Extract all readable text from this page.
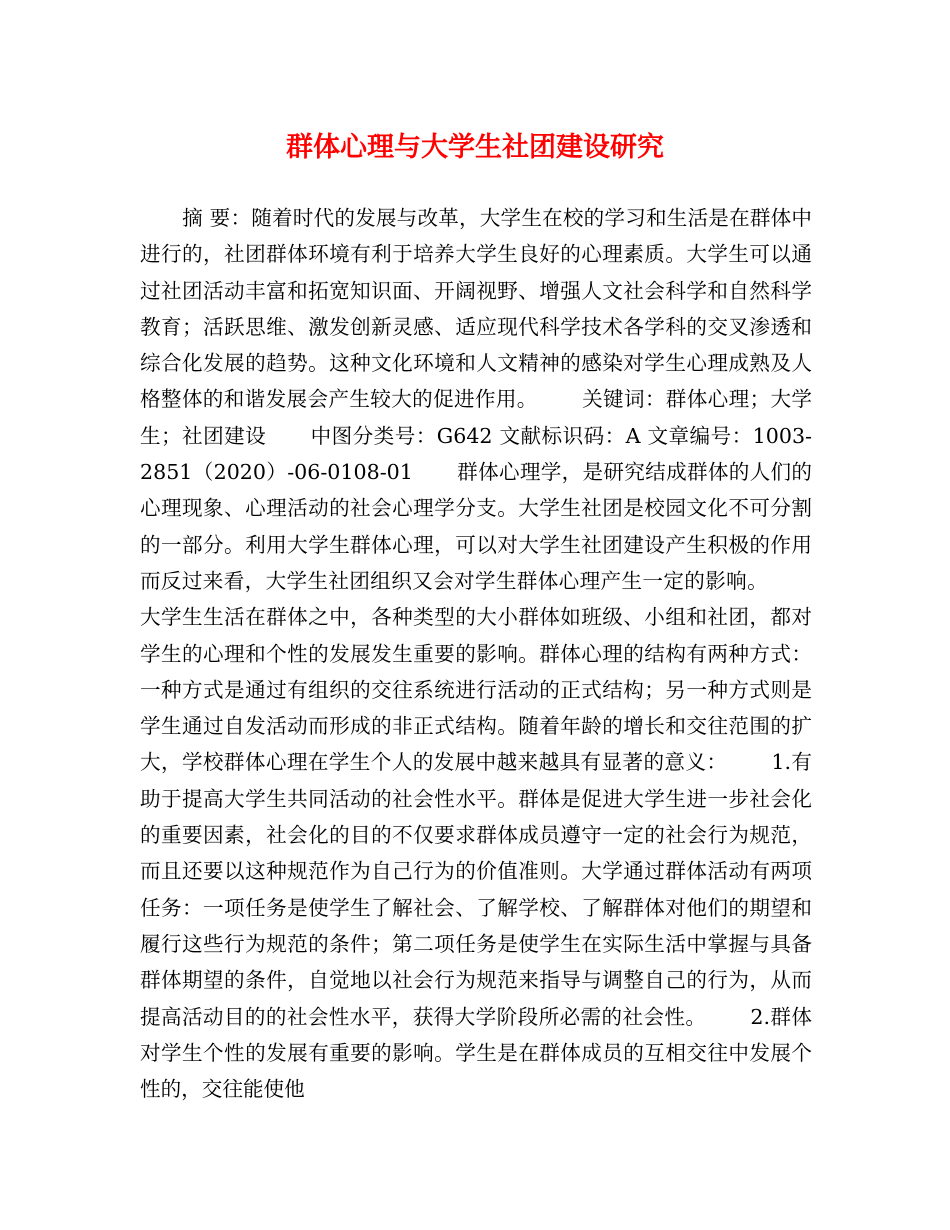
群体心理与大学生社团建设研究

摘 要：随着时代的发展与改革，大学生在校的学习和生活是在群体中进行的，社团群体环境有利于培养大学生良好的心理素质。大学生可以通过社团活动丰富和拓宽知识面、开阔视野、增强人文社会科学和自然科学教育；活跃思维、激发创新灵感、适应现代科学技术各学科的交叉渗透和综合化发展的趋势。这种文化环境和人文精神的感染对学生心理成熟及人格整体的和谐发展会产生较大的促进作用。 关键词：群体心理；大学生；社团建设 中图分类号：G642 文献标识码：A 文章编号：1003-2851（2020）-06-0108-01 群体心理学，是研究结成群体的人们的心理现象、心理活动的社会心理学分支。大学生社团是校园文化不可分割的一部分。利用大学生群体心理，可以对大学生社团建设产生积极的作用而反过来看，大学生社团组织又会对学生群体心理产生一定的影响。大学生生活在群体之中，各种类型的大小群体如班级、小组和社团，都对学生的心理和个性的发展发生重要的影响。群体心理的结构有两种方式：一种方式是通过有组织的交往系统进行活动的正式结构；另一种方式则是学生通过自发活动而形成的非正式结构。随着年龄的增长和交往范围的扩大，学校群体心理在学生个人的发展中越来越具有显著的意义： 1.有助于提高大学生共同活动的社会性水平。群体是促进大学生进一步社会化的重要因素，社会化的目的不仅要求群体成员遵守一定的社会行为规范，而且还要以这种规范作为自己行为的价值准则。大学通过群体活动有两项任务：一项任务是使学生了解社会、了解学校、了解群体对他们的期望和履行这些行为规范的条件；第二项任务是使学生在实际生活中掌握与具备群体期望的条件，自觉地以社会行为规范来指导与调整自己的行为，从而提高活动目的的社会性水平，获得大学阶段所必需的社会性。 2.群体对学生个性的发展有重要的影响。学生是在群体成员的互相交往中发展个性的，交往能使他
